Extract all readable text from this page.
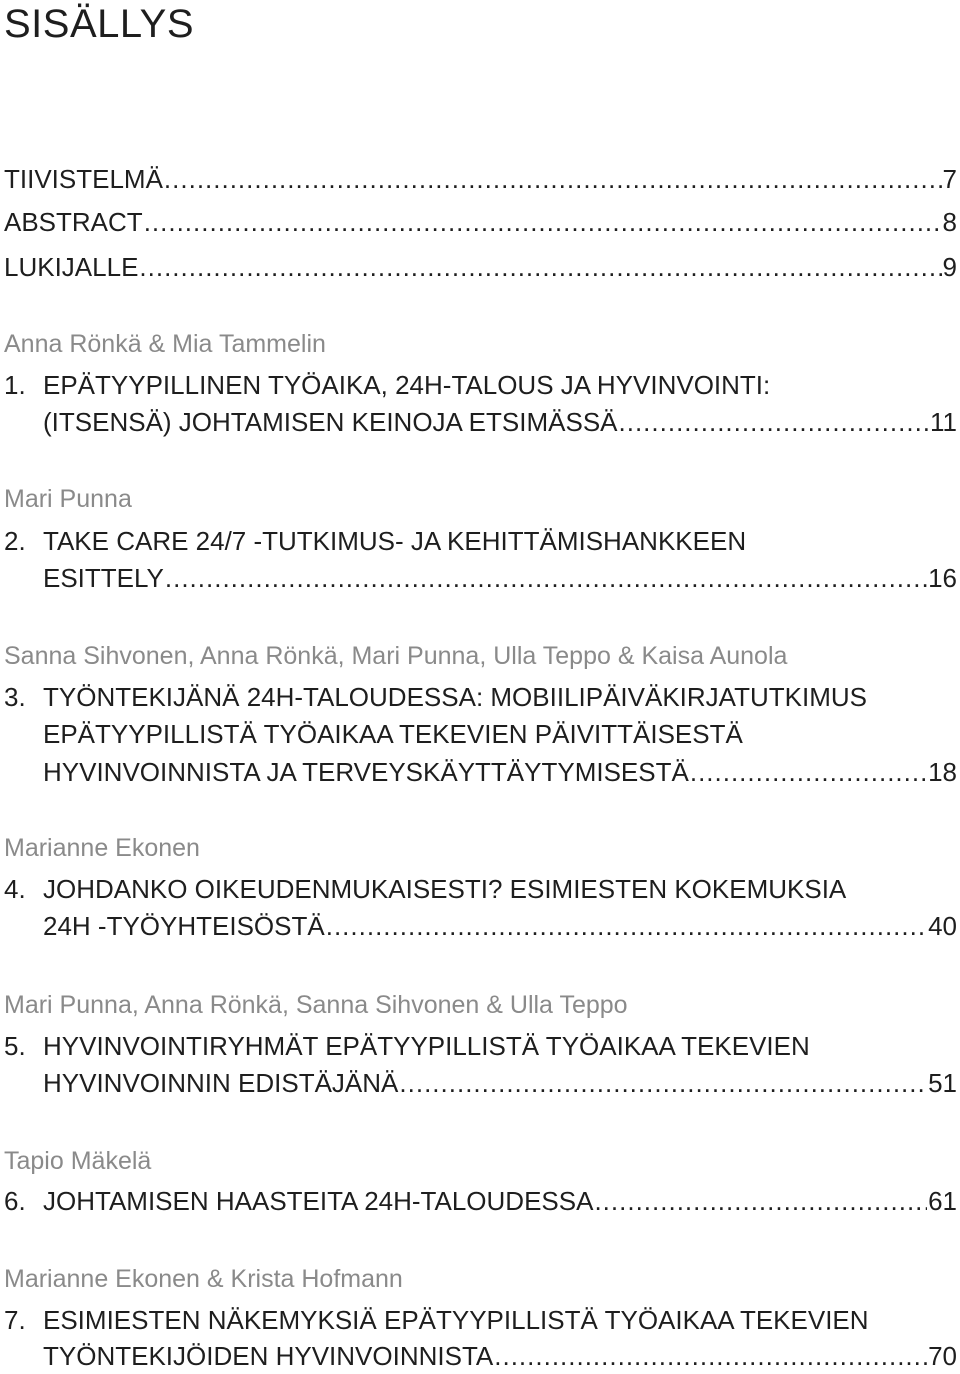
SISÄLLYS
TIIVISTELMÄ .....	7
ABSTRACT .....	8
LUKIJALLE .....	9
Anna Rönkä & Mia Tammelin
1. EPÄTYYPILLINEN TYÖAIKA, 24H-TALOUS JA HYVINVOINTI:
(ITSENSÄ) JOHTAMISEN KEINOJA ETSIMÄSSÄ .....	11
Mari Punna
2. TAKE CARE 24/7 -TUTKIMUS- JA KEHITTÄMISHANKKEEN
ESITTELY .....	16
Sanna Sihvonen, Anna Rönkä, Mari Punna, Ulla Teppo & Kaisa Aunola
3. TYÖNTEKIJÄNÄ 24H-TALOUDESSA: MOBIILIPÄIVÄKIRJATUTKIMUS
EPÄTYYPILLISTÄ TYÖAIKAA TEKEVIEN PÄIVITTÄISESTÄ
HYVINVOINNISTA JA TERVEYSKÄYTTÄYTYMISESTÄ .....	18
Marianne Ekonen
4. JOHDANKO OIKEUDENMUKAISESTI? ESIMIESTEN KOKEMUKSIA
24H -TYÖYHTEISÖSTÄ .....	40
Mari Punna, Anna Rönkä, Sanna Sihvonen & Ulla Teppo
5. HYVINVOINTIRYHMÄT EPÄTYYPILLISTÄ TYÖAIKAA TEKEVIEN
HYVINVOINNIN EDISTÄJÄNÄ .....	51
Tapio Mäkelä
6. JOHTAMISEN HAASTEITA 24H-TALOUDESSA .....	61
Marianne Ekonen & Krista Hofmann
7. ESIMIESTEN NÄKEMYKSIÄ EPÄTYYPILLISTÄ TYÖAIKAA TEKEVIEN
TYÖNTEKIJÖIDEN HYVINVOINNISTA .....	70
